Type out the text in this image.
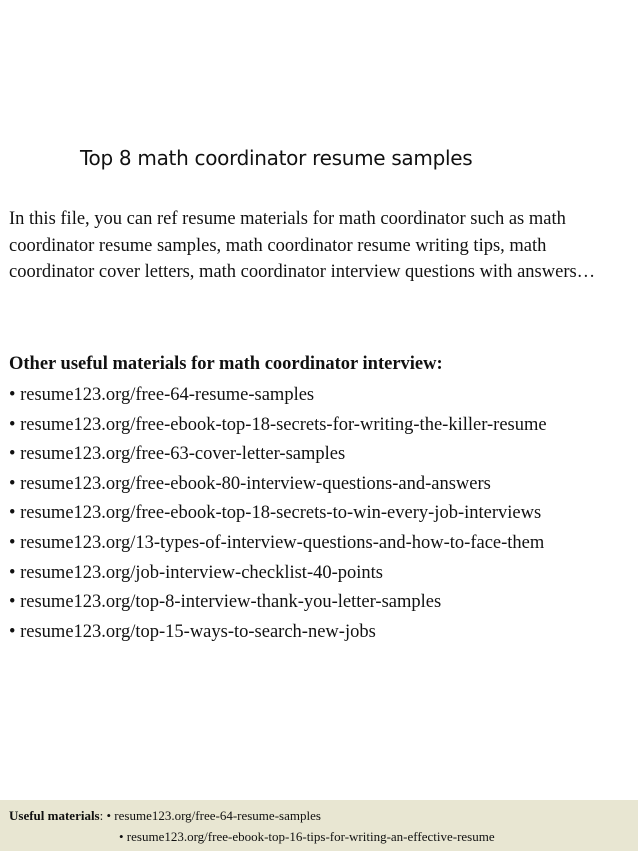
Top 8 math coordinator resume samples

In this file, you can ref resume materials for math coordinator such as math coordinator resume samples, math coordinator resume writing tips, math coordinator cover letters, math coordinator interview questions with answers…

Other useful materials for math coordinator interview:
• resume123.org/free-64-resume-samples
• resume123.org/free-ebook-top-18-secrets-for-writing-the-killer-resume
• resume123.org/free-63-cover-letter-samples
• resume123.org/free-ebook-80-interview-questions-and-answers
• resume123.org/free-ebook-top-18-secrets-to-win-every-job-interviews
• resume123.org/13-types-of-interview-questions-and-how-to-face-them
• resume123.org/job-interview-checklist-40-points
• resume123.org/top-8-interview-thank-you-letter-samples
• resume123.org/top-15-ways-to-search-new-jobs
Useful materials: • resume123.org/free-64-resume-samples
• resume123.org/free-ebook-top-16-tips-for-writing-an-effective-resume
